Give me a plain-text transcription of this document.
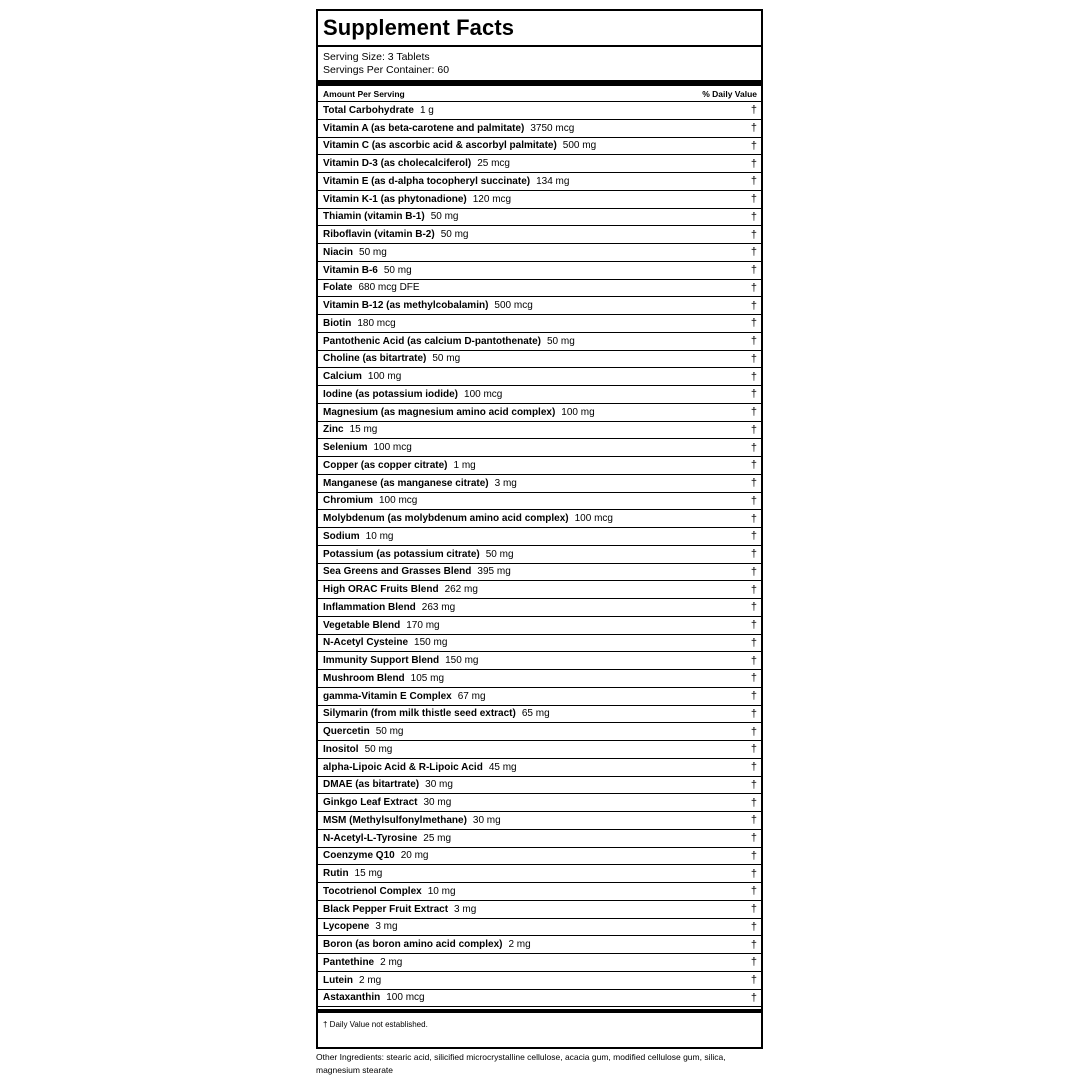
Supplement Facts
Serving Size: 3 Tablets
Servings Per Container: 60
Amount Per Serving	% Daily Value
Total Carbohydrate 1 g	†
Vitamin A (as beta-carotene and palmitate) 3750 mcg	†
Vitamin C (as ascorbic acid & ascorbyl palmitate) 500 mg	†
Vitamin D-3 (as cholecalciferol) 25 mcg	†
Vitamin E (as d-alpha tocopheryl succinate) 134 mg	†
Vitamin K-1 (as phytonadione) 120 mcg	†
Thiamin (vitamin B-1) 50 mg	†
Riboflavin (vitamin B-2) 50 mg	†
Niacin 50 mg	†
Vitamin B-6 50 mg	†
Folate 680 mcg DFE	†
Vitamin B-12 (as methylcobalamin) 500 mcg	†
Biotin 180 mcg	†
Pantothenic Acid (as calcium D-pantothenate) 50 mg	†
Choline (as bitartrate) 50 mg	†
Calcium 100 mg	†
Iodine (as potassium iodide) 100 mcg	†
Magnesium (as magnesium amino acid complex) 100 mg	†
Zinc 15 mg	†
Selenium 100 mcg	†
Copper (as copper citrate) 1 mg	†
Manganese (as manganese citrate) 3 mg	†
Chromium 100 mcg	†
Molybdenum (as molybdenum amino acid complex) 100 mcg	†
Sodium 10 mg	†
Potassium (as potassium citrate) 50 mg	†
Sea Greens and Grasses Blend 395 mg	†
High ORAC Fruits Blend 262 mg	†
Inflammation Blend 263 mg	†
Vegetable Blend 170 mg	†
N-Acetyl Cysteine 150 mg	†
Immunity Support Blend 150 mg	†
Mushroom Blend 105 mg	†
gamma-Vitamin E Complex 67 mg	†
Silymarin (from milk thistle seed extract) 65 mg	†
Quercetin 50 mg	†
Inositol 50 mg	†
alpha-Lipoic Acid & R-Lipoic Acid 45 mg	†
DMAE (as bitartrate) 30 mg	†
Ginkgo Leaf Extract 30 mg	†
MSM (Methylsulfonylmethane) 30 mg	†
N-Acetyl-L-Tyrosine 25 mg	†
Coenzyme Q10 20 mg	†
Rutin 15 mg	†
Tocotrienol Complex 10 mg	†
Black Pepper Fruit Extract 3 mg	†
Lycopene 3 mg	†
Boron (as boron amino acid complex) 2 mg	†
Pantethine 2 mg	†
Lutein 2 mg	†
Astaxanthin 100 mcg	†
† Daily Value not established.
Other Ingredients: stearic acid, silicified microcrystalline cellulose, acacia gum, modified cellulose gum, silica, magnesium stearate
